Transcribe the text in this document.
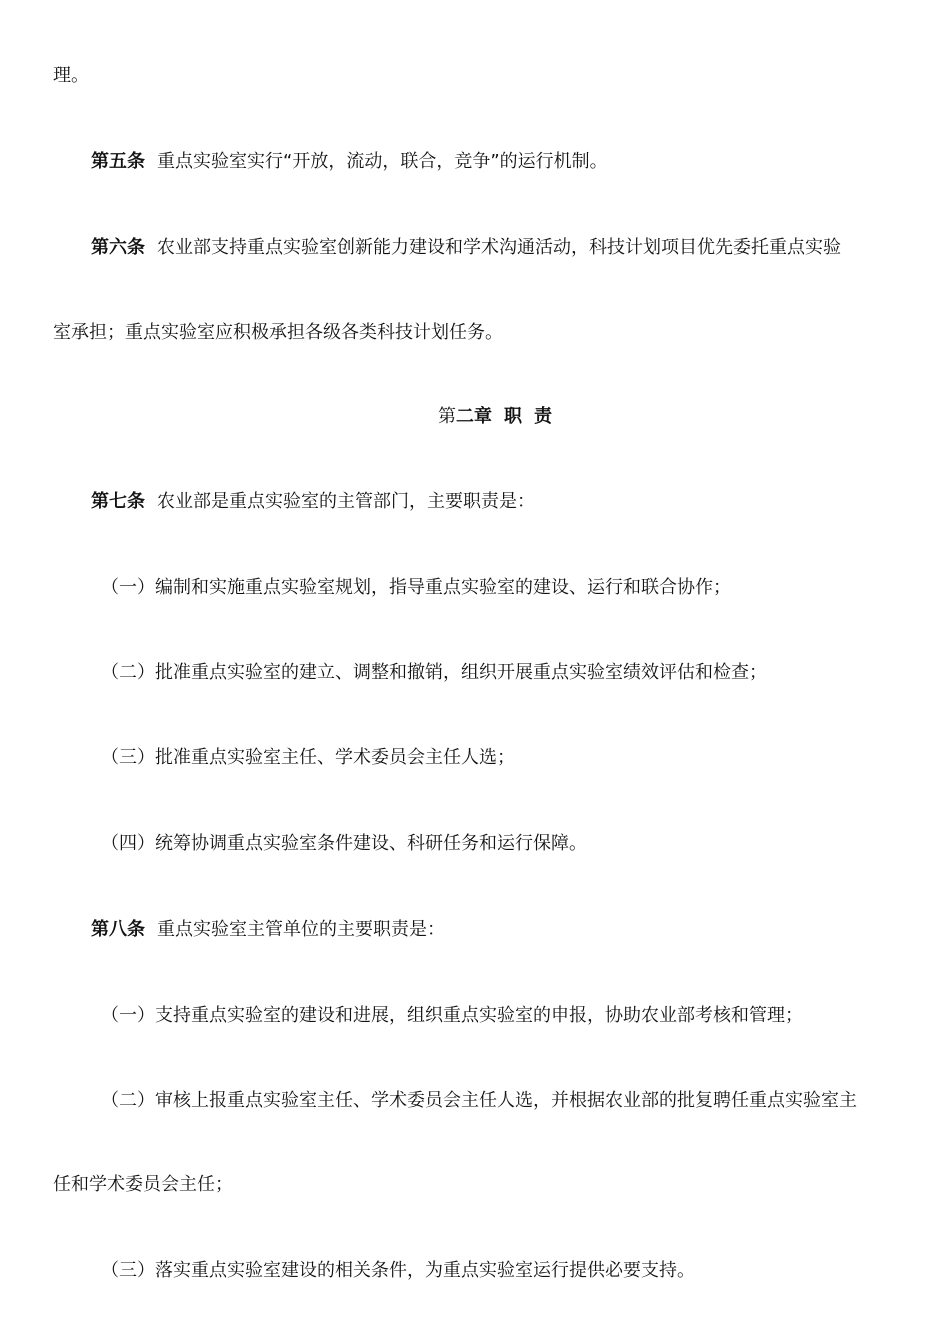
理。
第五条 重点实验室实行“开放，流动，联合，竞争”的运行机制。
第六条 农业部支持重点实验室创新能力建设和学术沟通活动，科技计划项目优先委托重点实验
室承担；重点实验室应积极承担各级各类科技计划任务。
第二章 职 责
第七条 农业部是重点实验室的主管部门，主要职责是：
（一）编制和实施重点实验室规划，指导重点实验室的建设、运行和联合协作；
（二）批准重点实验室的建立、调整和撤销，组织开展重点实验室绩效评估和检查；
（三）批准重点实验室主任、学术委员会主任人选；
（四）统筹协调重点实验室条件建设、科研任务和运行保障。
第八条 重点实验室主管单位的主要职责是：
（一）支持重点实验室的建设和进展，组织重点实验室的申报，协助农业部考核和管理；
（二）审核上报重点实验室主任、学术委员会主任人选，并根据农业部的批复聘任重点实验室主
任和学术委员会主任；
（三）落实重点实验室建设的相关条件，为重点实验室运行提供必要支持。
